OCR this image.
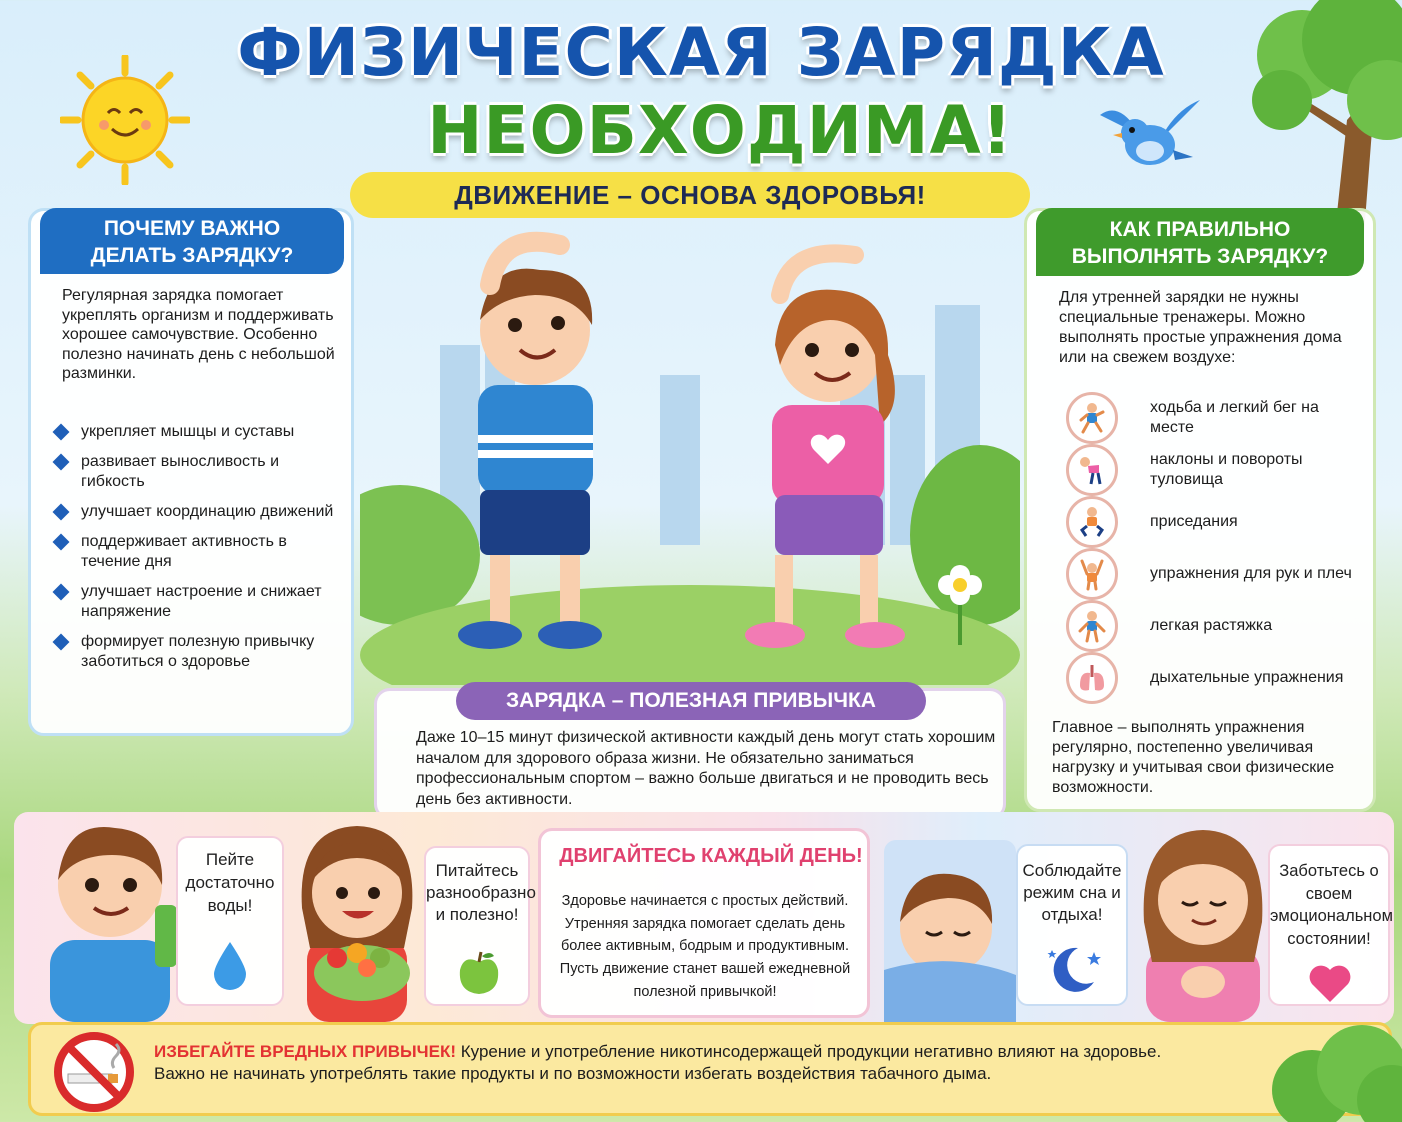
ФИЗИЧЕСКАЯ ЗАРЯДКА
НЕОБХОДИМА!
ДВИЖЕНИЕ – ОСНОВА ЗДОРОВЬЯ!
ПОЧЕМУ ВАЖНО
ДЕЛАТЬ ЗАРЯДКУ?
Регулярная зарядка помогает укреплять организм и поддерживать хорошее самочувствие. Особенно полезно начинать день с небольшой разминки.
укрепляет мышцы и суставы
развивает выносливость и гибкость
улучшает координацию движений
поддерживает активность в течение дня
улучшает настроение и снижает напряжение
формирует полезную привычку заботиться о здоровье
КАК ПРАВИЛЬНО
ВЫПОЛНЯТЬ ЗАРЯДКУ?
Для утренней зарядки не нужны специальные тренажеры. Можно выполнять простые упражнения дома или на свежем воздухе:
ходьба и легкий бег на месте
наклоны и повороты туловища
приседания
упражнения для рук и плеч
легкая растяжка
дыхательные упражнения
Главное – выполнять упражнения регулярно, постепенно увеличивая нагрузку и учитывая свои физические возможности.
ЗАРЯДКА – ПОЛЕЗНАЯ ПРИВЫЧКА
Даже 10–15 минут физической активности каждый день могут стать хорошим началом для здорового образа жизни. Не обязательно заниматься профессиональным спортом – важно больше двигаться и не проводить весь день без активности.
Пейте достаточно воды!
Питайтесь разнообразно и полезно!
ДВИГАЙТЕСЬ КАЖДЫЙ ДЕНЬ!
Здоровье начинается с простых действий. Утренняя зарядка помогает сделать день более активным, бодрым и продуктивным. Пусть движение станет вашей ежедневной полезной привычкой!
Соблюдайте режим сна и отдыха!
Заботьтесь о своем эмоциональном состоянии!
ИЗБЕГАЙТЕ ВРЕДНЫХ ПРИВЫЧЕК! Курение и употребление никотинсодержащей продукции негативно влияют на здоровье. Важно не начинать употреблять такие продукты и по возможности избегать воздействия табачного дыма.
